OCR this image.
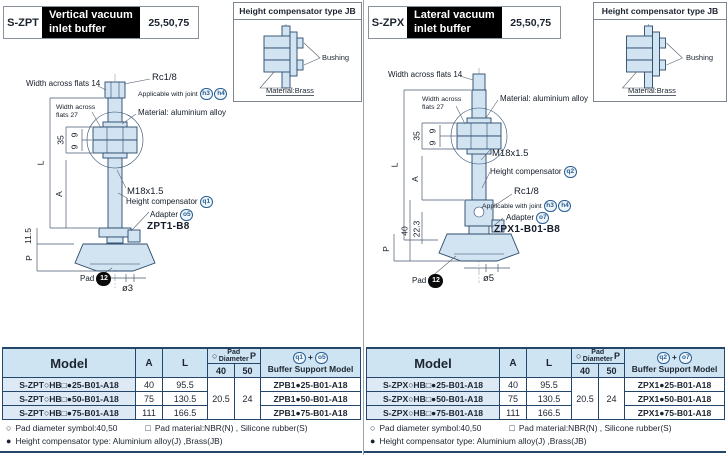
S-ZPT
Vertical vacuum
inlet buffer	25,50,75
Height compensator type JB
Bushing
Material:Brass
Width across flats 14
Rc1/8
Applicable with joint h3 h4
Width across
flats 27	Material: aluminium alloy
M18x1.5
Height compensator q1
Adapter o5
ZPT1-B8
Pad 12
ø3
L
35
9
9
A
11.5
P
Model	A	L	○ Pad
Diameter P		q1 + o5
Buffer Support Model
			40	50	
S-ZPT○HB□●25-B01-A18	40	95.5	20.5	24	ZPB1●25-B01-A18
S-ZPT○HB□●50-B01-A18	75	130.5			ZPB1●50-B01-A18
S-ZPT○HB□●75-B01-A18	111	166.5			ZPB1●75-B01-A18
○ Pad diameter symbol:40,50	□ Pad material:NBR(N) , Silicone rubber(S)
● Height compensator type: Aluminium alloy(J) ,Brass(JB)
S-ZPX
Lateral vacuum
inlet buffer	25,50,75
Height compensator type JB
Bushing
Material:Brass
Width across flats 14
Width across
flats 27
Material: aluminium alloy
M18x1.5
Height compensator q2
Rc1/8
Applicable with joint h3 h4
Adapter o7
ZPX1-B01-B8
Pad 12	ø5
L
35
9
9
A
40 22.3
P
Model	A	L	○ Pad
Diameter P		q2 + o7
Buffer Support Model
			40	50	
S-ZPX○HB□●25-B01-A18	40	95.5	20.5	24	ZPX1●25-B01-A18
S-ZPX○HB□●50-B01-A18	75	130.5			ZPX1●50-B01-A18
S-ZPX○HB□●75-B01-A18	111	166.5			ZPX1●75-B01-A18
○ Pad diameter symbol:40,50	□ Pad material:NBR(N) , Silicone rubber(S)
● Height compensator type: Aluminium alloy(J) ,Brass(JB)
